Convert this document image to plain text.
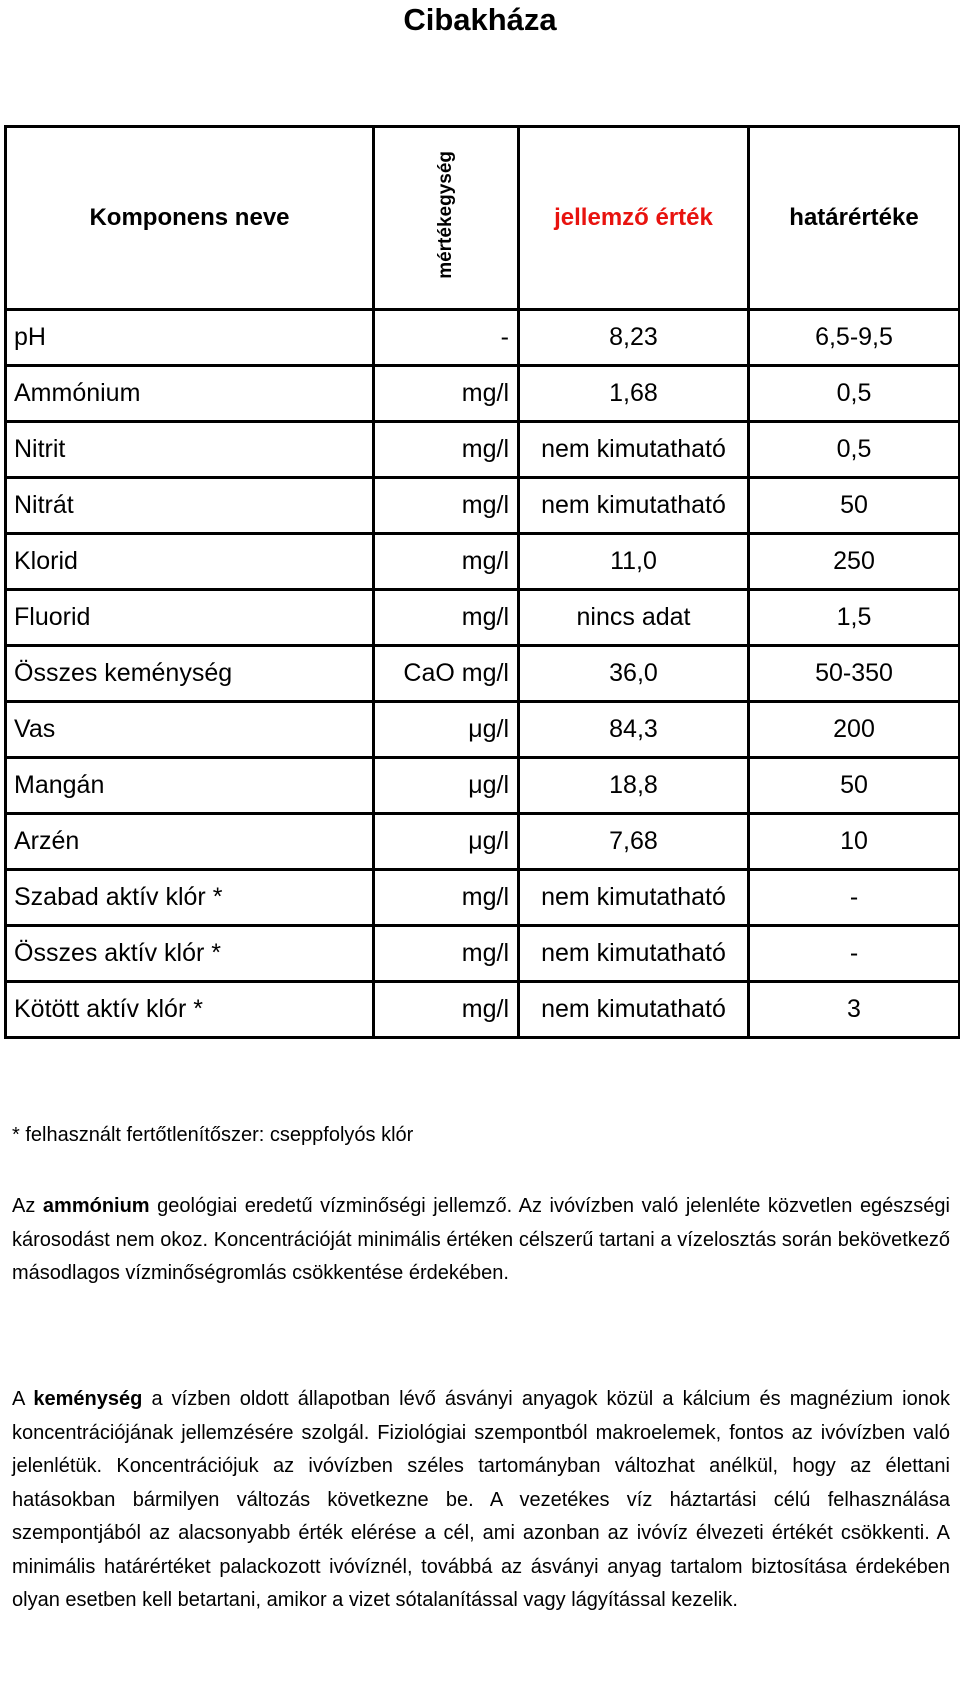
Cibakháza
Komponens neve	mértékegység	jellemző érték	határértéke
pH	-	8,23	6,5-9,5
Ammónium	mg/l	1,68	0,5
Nitrit	mg/l	nem kimutatható	0,5
Nitrát	mg/l	nem kimutatható	50
Klorid	mg/l	11,0	250
Fluorid	mg/l	nincs adat	1,5
Összes keménység	CaO mg/l	36,0	50-350
Vas	μg/l	84,3	200
Mangán	μg/l	18,8	50
Arzén	μg/l	7,68	10
Szabad aktív klór *	mg/l	nem kimutatható	-
Összes aktív klór *	mg/l	nem kimutatható	-
Kötött aktív klór *	mg/l	nem kimutatható	3
* felhasznált fertőtlenítőszer: cseppfolyós klór
Az ammónium geológiai eredetű vízminőségi jellemző. Az ivóvízben való jelenléte közvetlen egészségi károsodást nem okoz. Koncentrációját minimális értéken célszerű tartani a vízelosztás során bekövetkező másodlagos vízminőségromlás csökkentése érdekében.
A keménység a vízben oldott állapotban lévő ásványi anyagok közül a kálcium és magnézium ionok koncentrációjának jellemzésére szolgál. Fiziológiai szempontból makroelemek, fontos az ivóvízben való jelenlétük. Koncentrációjuk az ivóvízben széles tartományban változhat anélkül, hogy az élettani hatásokban bármilyen változás következne be. A vezetékes víz háztartási célú felhasználása szempontjából az alacsonyabb érték elérése a cél, ami azonban az ivóvíz élvezeti értékét csökkenti. A minimális határértéket palackozott ivóvíznél, továbbá az ásványi anyag tartalom biztosítása érdekében olyan esetben kell betartani, amikor a vizet sótalanítással vagy lágyítással kezelik.
